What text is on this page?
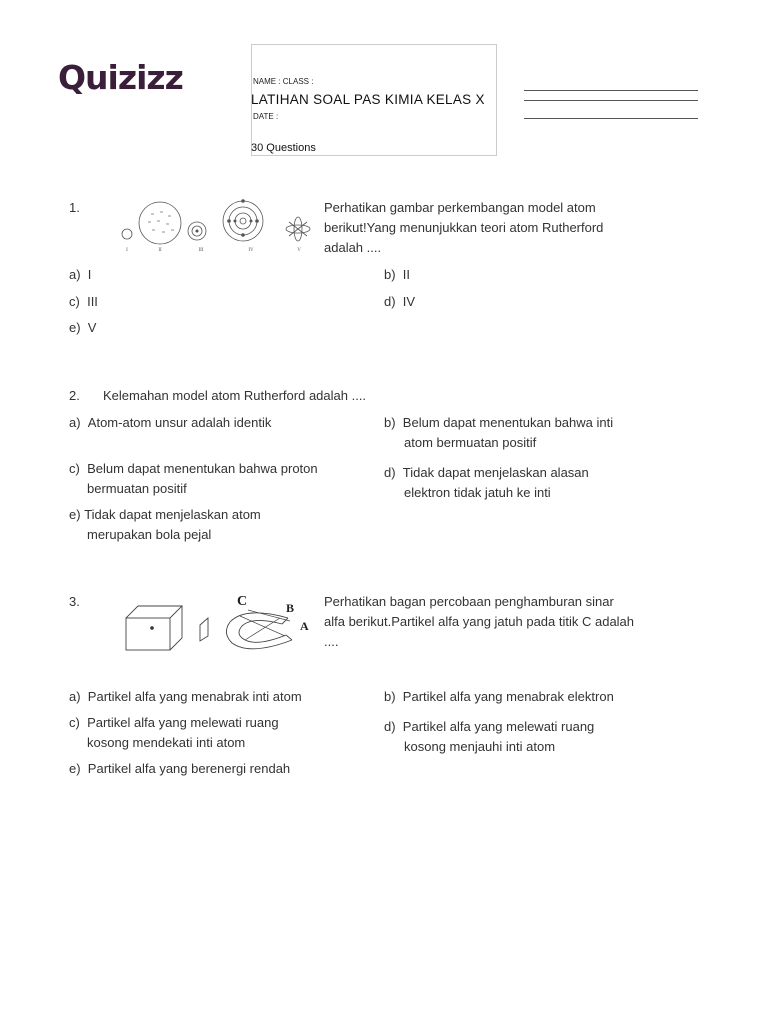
Quizizz	NAME : CLASS :
LATIHAN SOAL PAS KIMIA KELAS X
DATE :
30 Questions
1.
II
I	III	IV	V
Perhatikan gambar perkembangan model atom
berikut!Yang menunjukkan teori atom Rutherford
adalah ....
a) I	b) II
c) III	d) IV
e) V
2. Kelemahan model atom Rutherford adalah ....
a) Atom-atom unsur adalah identik	b) Belum dapat menentukan bahwa inti
atom bermuatan positif
c) Belum dapat menentukan bahwa proton
bermuatan positif
d) Tidak dapat menjelaskan alasan
elektron tidak jatuh ke inti
e) Tidak dapat menjelaskan atom
merupakan bola pejal
3.	C	B
A
Perhatikan bagan percobaan penghamburan sinar
alfa berikut.Partikel alfa yang jatuh pada titik C adalah
....
a) Partikel alfa yang menabrak inti atom	b) Partikel alfa yang menabrak elektron
c) Partikel alfa yang melewati ruang
kosong mendekati inti atom
d) Partikel alfa yang melewati ruang
kosong menjauhi inti atom
e) Partikel alfa yang berenergi rendah
